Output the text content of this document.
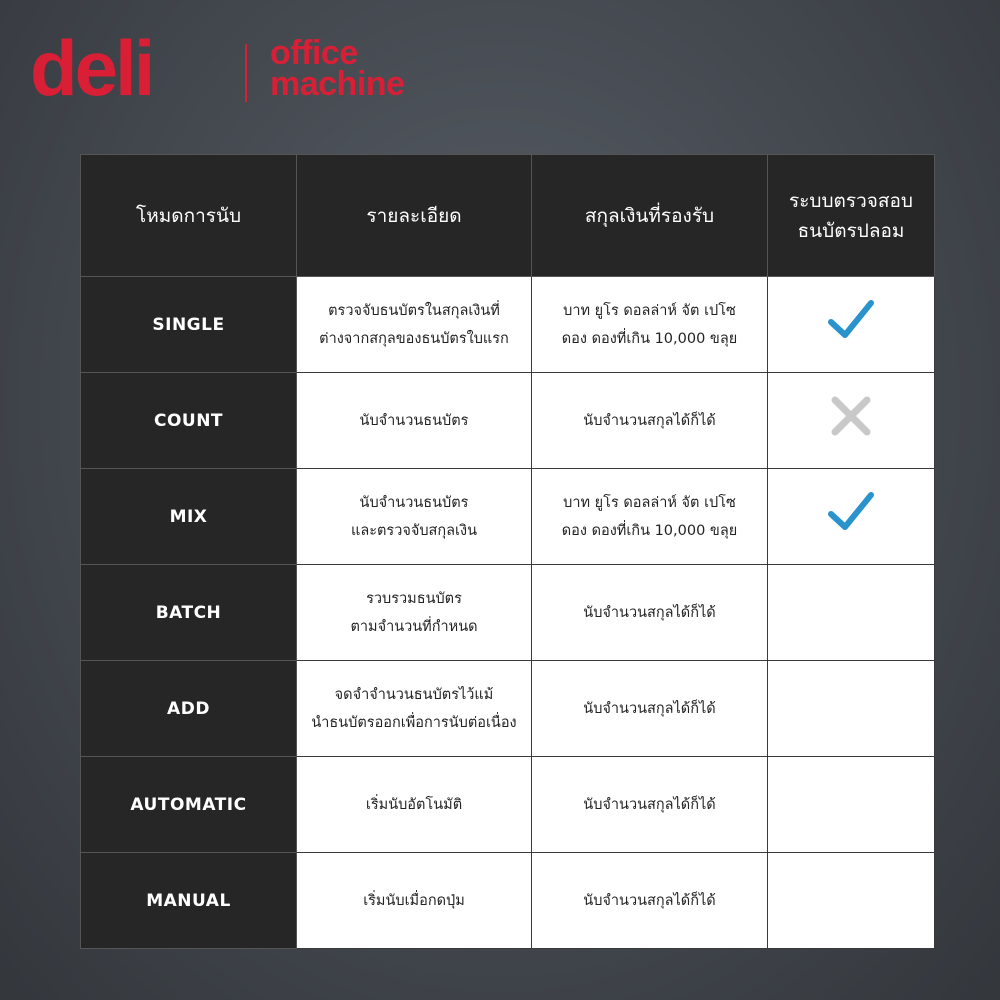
deli	office
machine
โหมดการนับ	รายละเอียด	สกุลเงินที่รองรับ	ระบบตรวจสอบ
ธนบัตรปลอม

SINGLE	ตรวจจับธนบัตรในสกุลเงินที่
ต่างจากสกุลของธนบัตรใบแรก	บาท ยูโร ดอลล่าห์ จัต เปโซ
ดอง ดองที่เกิน 10,000 ขลุย

COUNT	นับจำนวนธนบัตร	นับจำนวนสกุลได้ก็ได้

MIX	นับจำนวนธนบัตร
และตรวจจับสกุลเงิน	บาท ยูโร ดอลล่าห์ จัต เปโซ
ดอง ดองที่เกิน 10,000 ขลุย

BATCH	รวบรวมธนบัตร
ตามจำนวนที่กำหนด	นับจำนวนสกุลได้ก็ได้	

ADD	จดจำจำนวนธนบัตรไว้แม้
นำธนบัตรออกเพื่อการนับต่อเนื่อง	นับจำนวนสกุลได้ก็ได้	

AUTOMATIC	เริ่มนับอัตโนมัติ	นับจำนวนสกุลได้ก็ได้	

MANUAL	เริ่มนับเมื่อกดปุ่ม	นับจำนวนสกุลได้ก็ได้	
